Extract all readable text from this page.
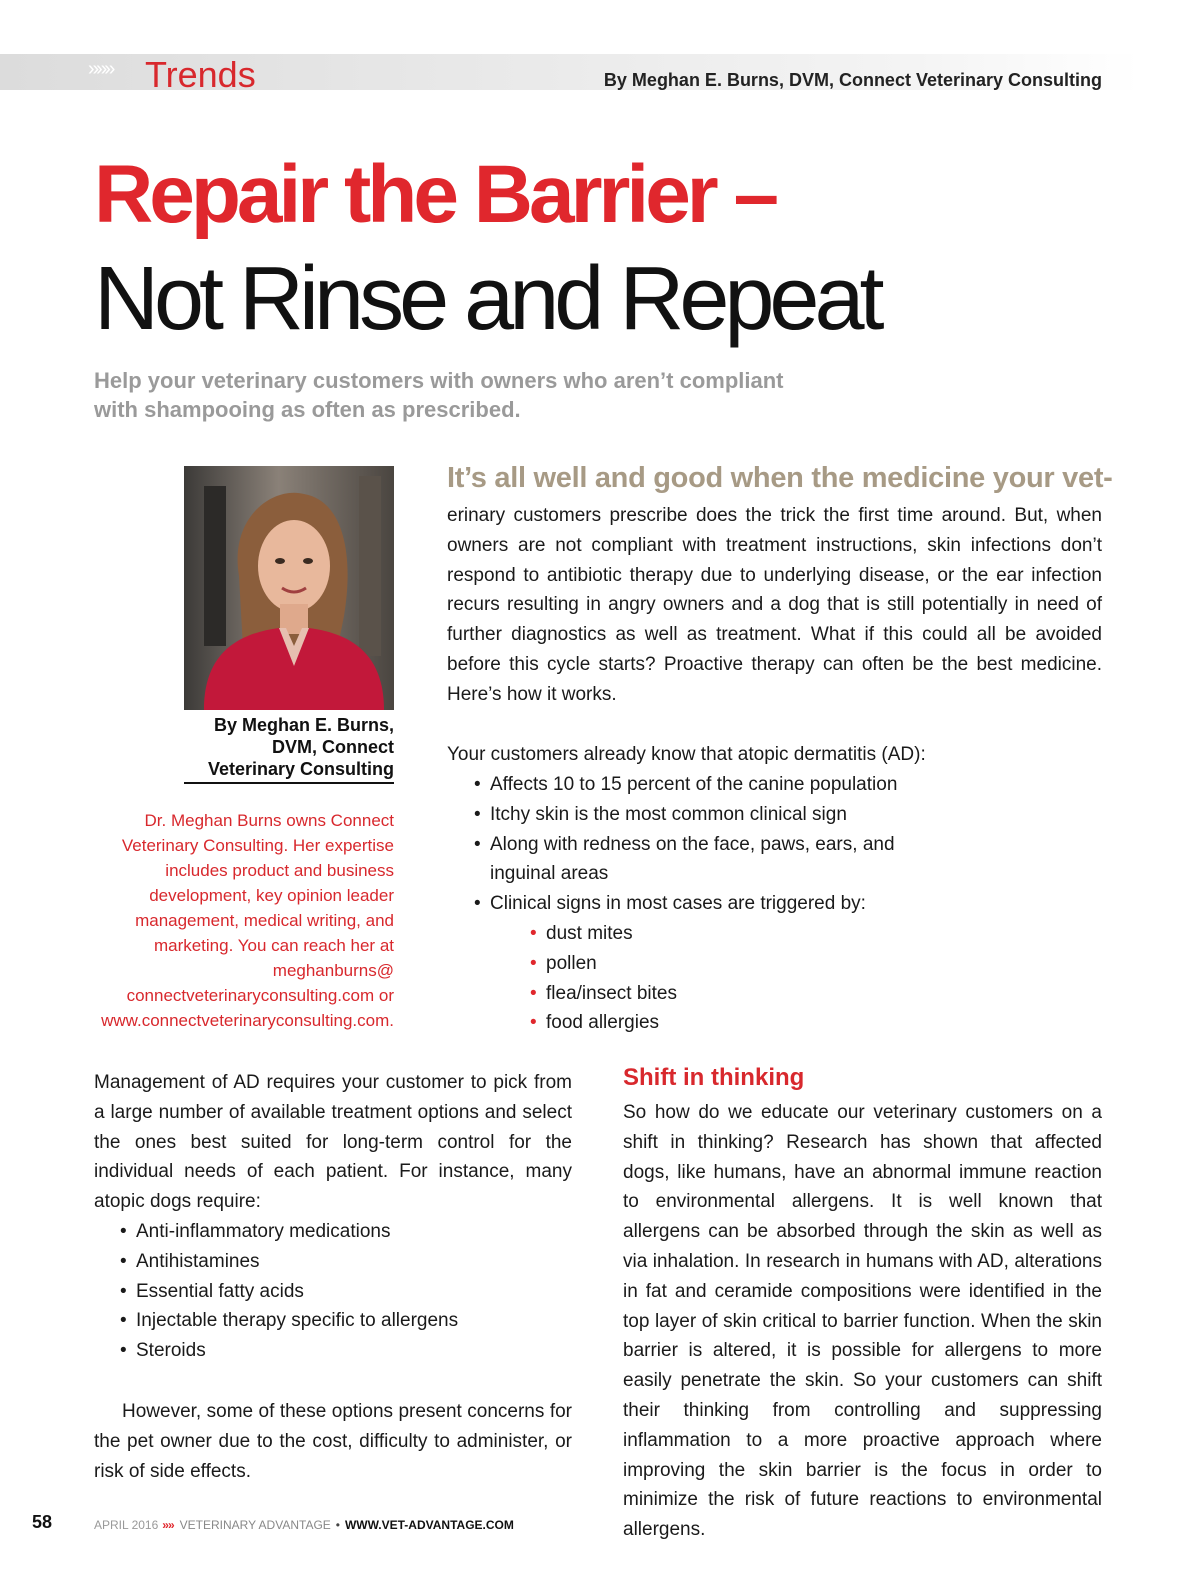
»»» Trends	By Meghan E. Burns, DVM, Connect Veterinary Consulting
Repair the Barrier –
Not Rinse and Repeat
Help your veterinary customers with owners who aren’t compliant with shampooing as often as prescribed.
By Meghan E. Burns,
DVM, Connect
Veterinary Consulting
Dr. Meghan Burns owns Connect Veterinary Consulting. Her expertise includes product and business development, key opinion leader management, medical writing, and marketing. You can reach her at meghanburns@ connectveterinaryconsulting.com or www.connectveterinaryconsulting.com.
It’s all well and good when the medicine your vet-
erinary customers prescribe does the trick the first time around. But, when owners are not compliant with treatment instructions, skin infections don’t respond to antibiotic therapy due to underlying disease, or the ear infection recurs resulting in angry owners and a dog that is still potentially in need of further diagnostics as well as treatment. What if this could all be avoided before this cycle starts? Proactive therapy can often be the best medicine. Here’s how it works.
Your customers already know that atopic dermatitis (AD):
• Affects 10 to 15 percent of the canine population
• Itchy skin is the most common clinical sign
• Along with redness on the face, paws, ears, and inguinal areas
• Clinical signs in most cases are triggered by:
• dust mites
• pollen
• flea/insect bites
• food allergies
Management of AD requires your customer to pick from a large number of available treatment options and select the ones best suited for long-term control for the individual needs of each patient. For instance, many atopic dogs require:
• Anti-inflammatory medications
• Antihistamines
• Essential fatty acids
• Injectable therapy specific to allergens
• Steroids
However, some of these options present concerns for the pet owner due to the cost, difficulty to administer, or risk of side effects.
Shift in thinking
So how do we educate our veterinary customers on a shift in thinking? Research has shown that affected dogs, like humans, have an abnormal immune reaction to environmental allergens. It is well known that allergens can be absorbed through the skin as well as via inhalation. In research in humans with AD, alterations in fat and ceramide compositions were identified in the top layer of skin critical to barrier function. When the skin barrier is altered, it is possible for allergens to more easily penetrate the skin. So your customers can shift their thinking from controlling and suppressing inflammation to a more proactive approach where improving the skin barrier is the focus in order to minimize the risk of future reactions to environmental allergens.
58	APRIL 2016 »» VETERINARY ADVANTAGE • WWW.VET-ADVANTAGE.COM
